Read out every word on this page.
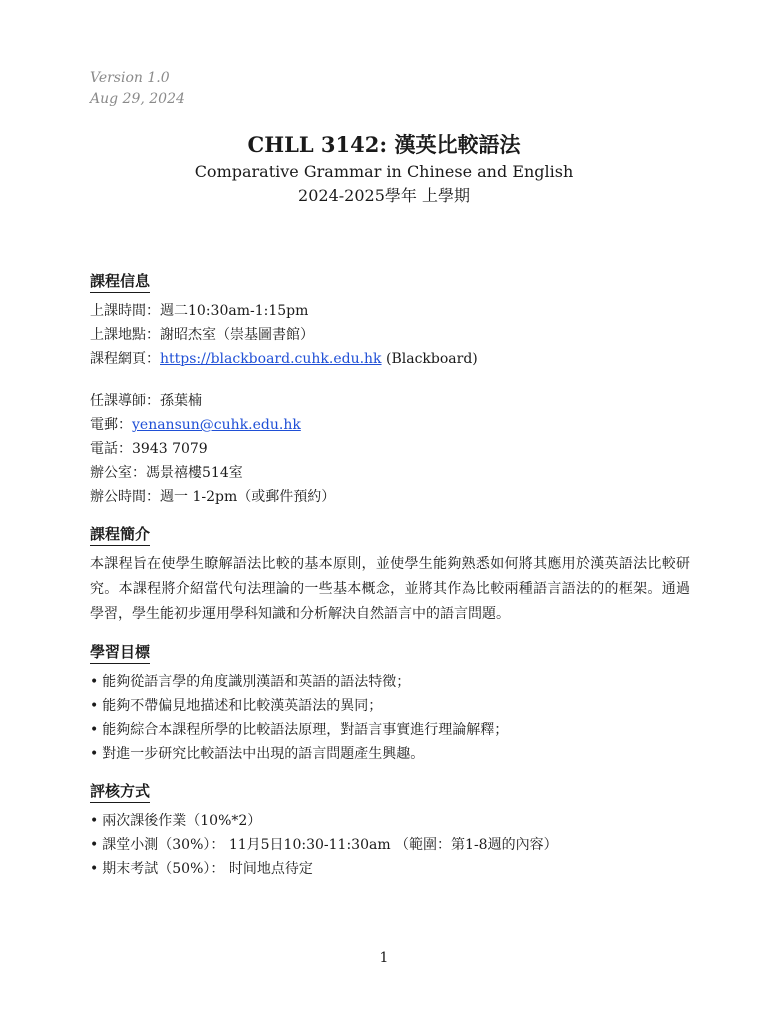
Version 1.0
Aug 29, 2024
CHLL 3142: 漢英比較語法
Comparative Grammar in Chinese and English
2024-2025學年 上學期
課程信息
上課時間：週二10:30am-1:15pm
上課地點：謝昭杰室（崇基圖書館）
課程網頁：https://blackboard.cuhk.edu.hk (Blackboard)
任課導師：孫葉楠
電郵：yenansun@cuhk.edu.hk
電話：3943 7079
辦公室：馮景禧樓514室
辦公時間：週一 1-2pm（或郵件預約）
課程簡介
本課程旨在使學生瞭解語法比較的基本原則，並使學生能夠熟悉如何將其應用於漢英語法比較研究。本課程將介紹當代句法理論的一些基本概念，並將其作為比較兩種語言語法的的框架。通過學習，學生能初步運用學科知識和分析解決自然語言中的語言問題。
學習目標
• 能夠從語言學的角度識別漢語和英語的語法特徵；
• 能夠不帶偏見地描述和比較漢英語法的異同；
• 能夠綜合本課程所學的比較語法原理，對語言事實進行理論解釋；
• 對進一步研究比較語法中出現的語言問題產生興趣。
評核方式
• 兩次課後作業（10%*2）
• 課堂小測（30%）： 11月5日10:30-11:30am （範圍：第1-8週的內容）
• 期末考試（50%）： 时间地点待定
1
